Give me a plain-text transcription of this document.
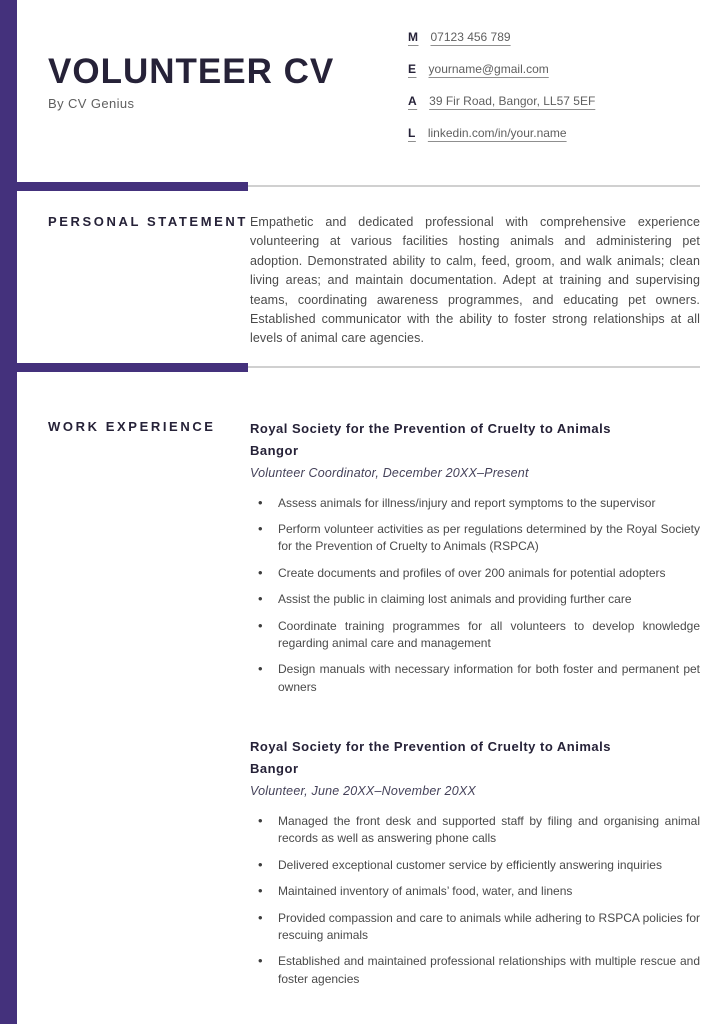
VOLUNTEER CV
By CV Genius
M 07123 456 789
E yourname@gmail.com
A 39 Fir Road, Bangor, LL57 5EF
L linkedin.com/in/your.name
PERSONAL STATEMENT Empathetic and dedicated professional with comprehensive experience volunteering at various facilities hosting animals and administering pet adoption. Demonstrated ability to calm, feed, groom, and walk animals; clean living areas; and maintain documentation. Adept at training and supervising teams, coordinating awareness programmes, and educating pet owners. Established communicator with the ability to foster strong relationships at all levels of animal care agencies.

WORK EXPERIENCE	Royal Society for the Prevention of Cruelty to Animals
Bangor
Volunteer Coordinator, December 20XX–Present
• Assess animals for illness/injury and report symptoms to the supervisor
• Perform volunteer activities as per regulations determined by the Royal Society for the Prevention of Cruelty to Animals (RSPCA)
• Create documents and profiles of over 200 animals for potential adopters
• Assist the public in claiming lost animals and providing further care
• Coordinate training programmes for all volunteers to develop knowledge regarding animal care and management
• Design manuals with necessary information for both foster and permanent pet owners
Royal Society for the Prevention of Cruelty to Animals
Bangor
Volunteer, June 20XX–November 20XX
• Managed the front desk and supported staff by filing and organising animal records as well as answering phone calls
• Delivered exceptional customer service by efficiently answering inquiries
• Maintained inventory of animals’ food, water, and linens
• Provided compassion and care to animals while adhering to RSPCA policies for rescuing animals
• Established and maintained professional relationships with multiple rescue and foster agencies
